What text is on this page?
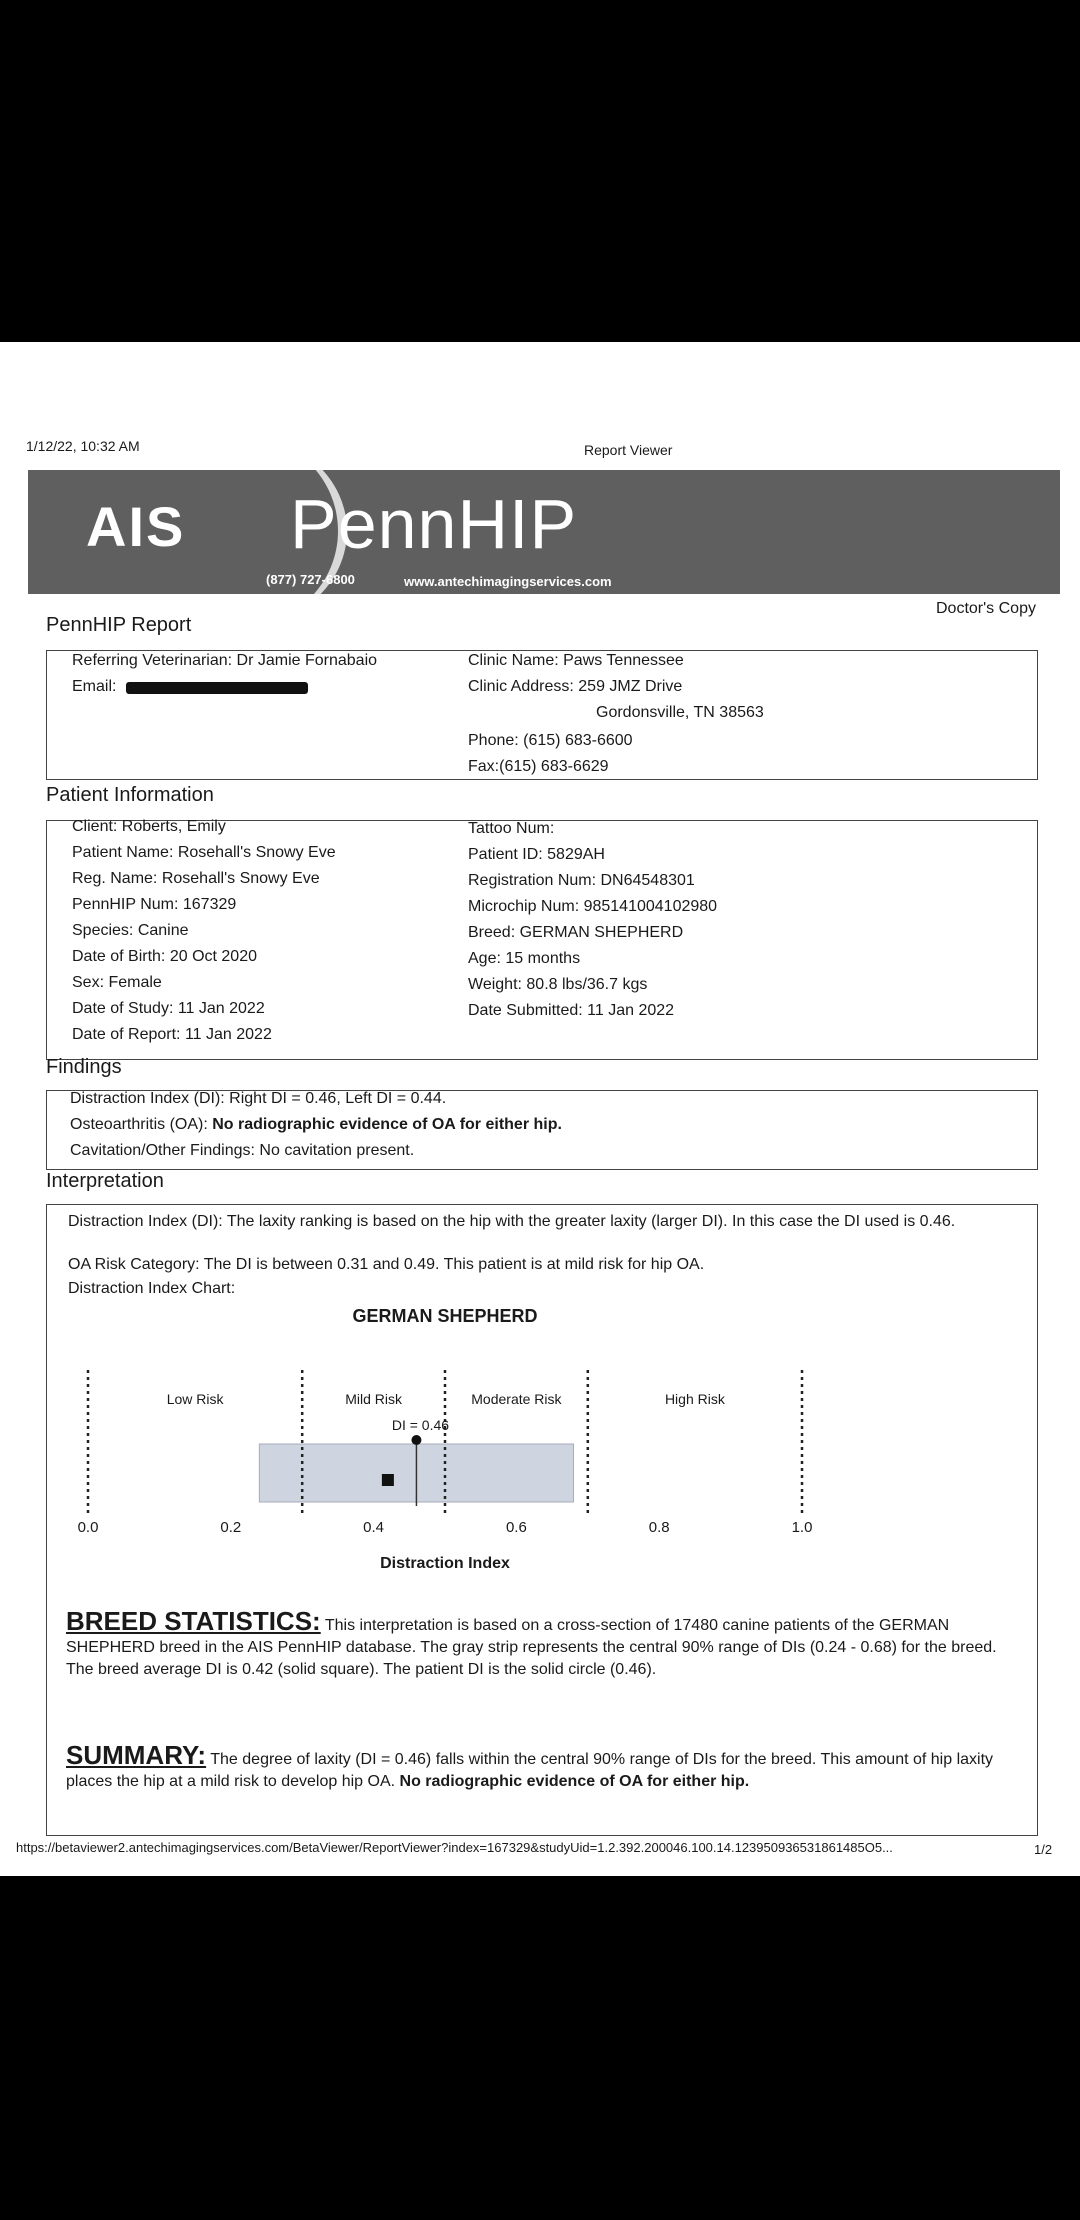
1/12/22, 10:32 AM	Report Viewer
AIS PennHIP
(877) 727-6800	www.antechimagingservices.com
Doctor's Copy
PennHIP Report
Referring Veterinarian: Dr Jamie Fornabaio
Email:
Clinic Name: Paws Tennessee
Clinic Address: 259 JMZ Drive
Gordonsville, TN 38563
Phone: (615) 683-6600
Fax:(615) 683-6629
Patient Information
Client: Roberts, Emily
Patient Name: Rosehall's Snowy Eve
Reg. Name: Rosehall's Snowy Eve
PennHIP Num: 167329
Species: Canine
Date of Birth: 20 Oct 2020
Sex: Female
Date of Study: 11 Jan 2022
Date of Report: 11 Jan 2022
Tattoo Num:
Patient ID: 5829AH
Registration Num: DN64548301
Microchip Num: 985141004102980
Breed: GERMAN SHEPHERD
Age: 15 months
Weight: 80.8 lbs/36.7 kgs
Date Submitted: 11 Jan 2022
Findings
Distraction Index (DI): Right DI = 0.46, Left DI = 0.44.
Osteoarthritis (OA): No radiographic evidence of OA for either hip.
Cavitation/Other Findings: No cavitation present.
Interpretation
Distraction Index (DI): The laxity ranking is based on the hip with the greater laxity (larger DI). In this case the DI used is 0.46.
OA Risk Category: The DI is between 0.31 and 0.49. This patient is at mild risk for hip OA.
Distraction Index Chart:
GERMAN SHEPHERD
Low Risk	Mild Risk	Moderate Risk	High Risk
DI = 0.46
0.0	0.2	0.4	0.6	0.8	1.0
Distraction Index
BREED STATISTICS: This interpretation is based on a cross-section of 17480 canine patients of the GERMAN SHEPHERD breed in the AIS PennHIP database. The gray strip represents the central 90% range of DIs (0.24 - 0.68) for the breed. The breed average DI is 0.42 (solid square). The patient DI is the solid circle (0.46).
SUMMARY: The degree of laxity (DI = 0.46) falls within the central 90% range of DIs for the breed. This amount of hip laxity places the hip at a mild risk to develop hip OA. No radiographic evidence of OA for either hip.
https://betaviewer2.antechimagingservices.com/BetaViewer/ReportViewer?index=167329&studyUid=1.2.392.200046.100.14.123950936531861485O5...	1/2
